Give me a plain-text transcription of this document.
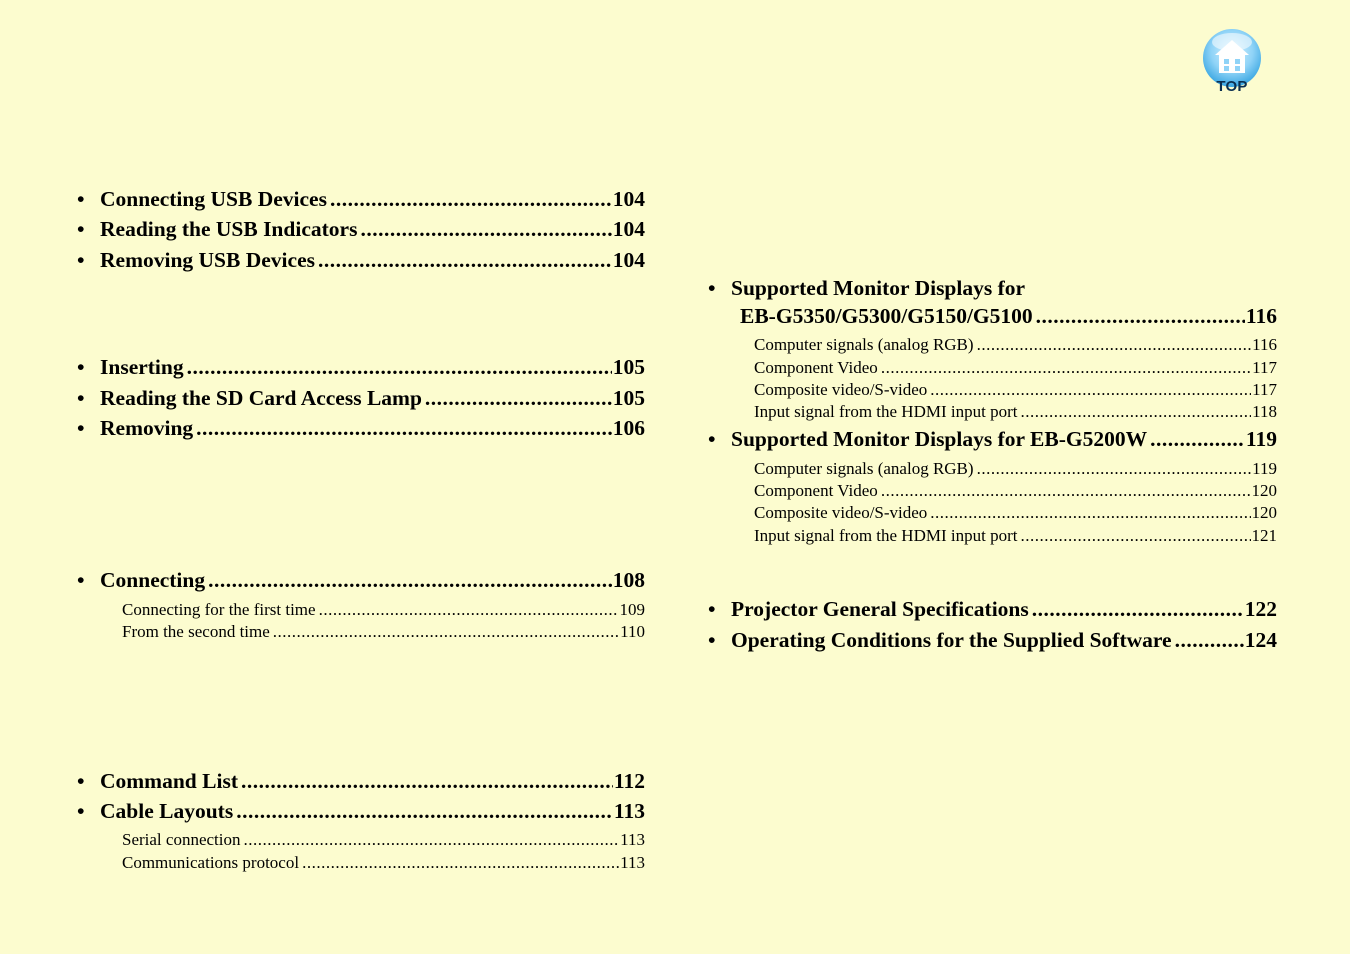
TOP
• Connecting USB Devices .....	104
• Reading the USB Indicators .....	104
• Removing USB Devices .....	104
• Inserting .....	105
• Reading the SD Card Access Lamp .....	105
• Removing .....	106
• Connecting .....	108
Connecting for the first time .....	109
From the second time .....	110
• Command List .....	112
• Cable Layouts .....	113
Serial connection .....	113
Communications protocol .....	113
• Supported Monitor Displays for
EB-G5350/G5300/G5150/G5100 .....	116
Computer signals (analog RGB) .....	116
Component Video .....	117
Composite video/S-video .....	117
Input signal from the HDMI input port .....	118
• Supported Monitor Displays for EB-G5200W .....	119
Computer signals (analog RGB) .....	119
Component Video .....	120
Composite video/S-video .....	120
Input signal from the HDMI input port .....	121
• Projector General Specifications .....	122
• Operating Conditions for the Supplied Software .....	124
